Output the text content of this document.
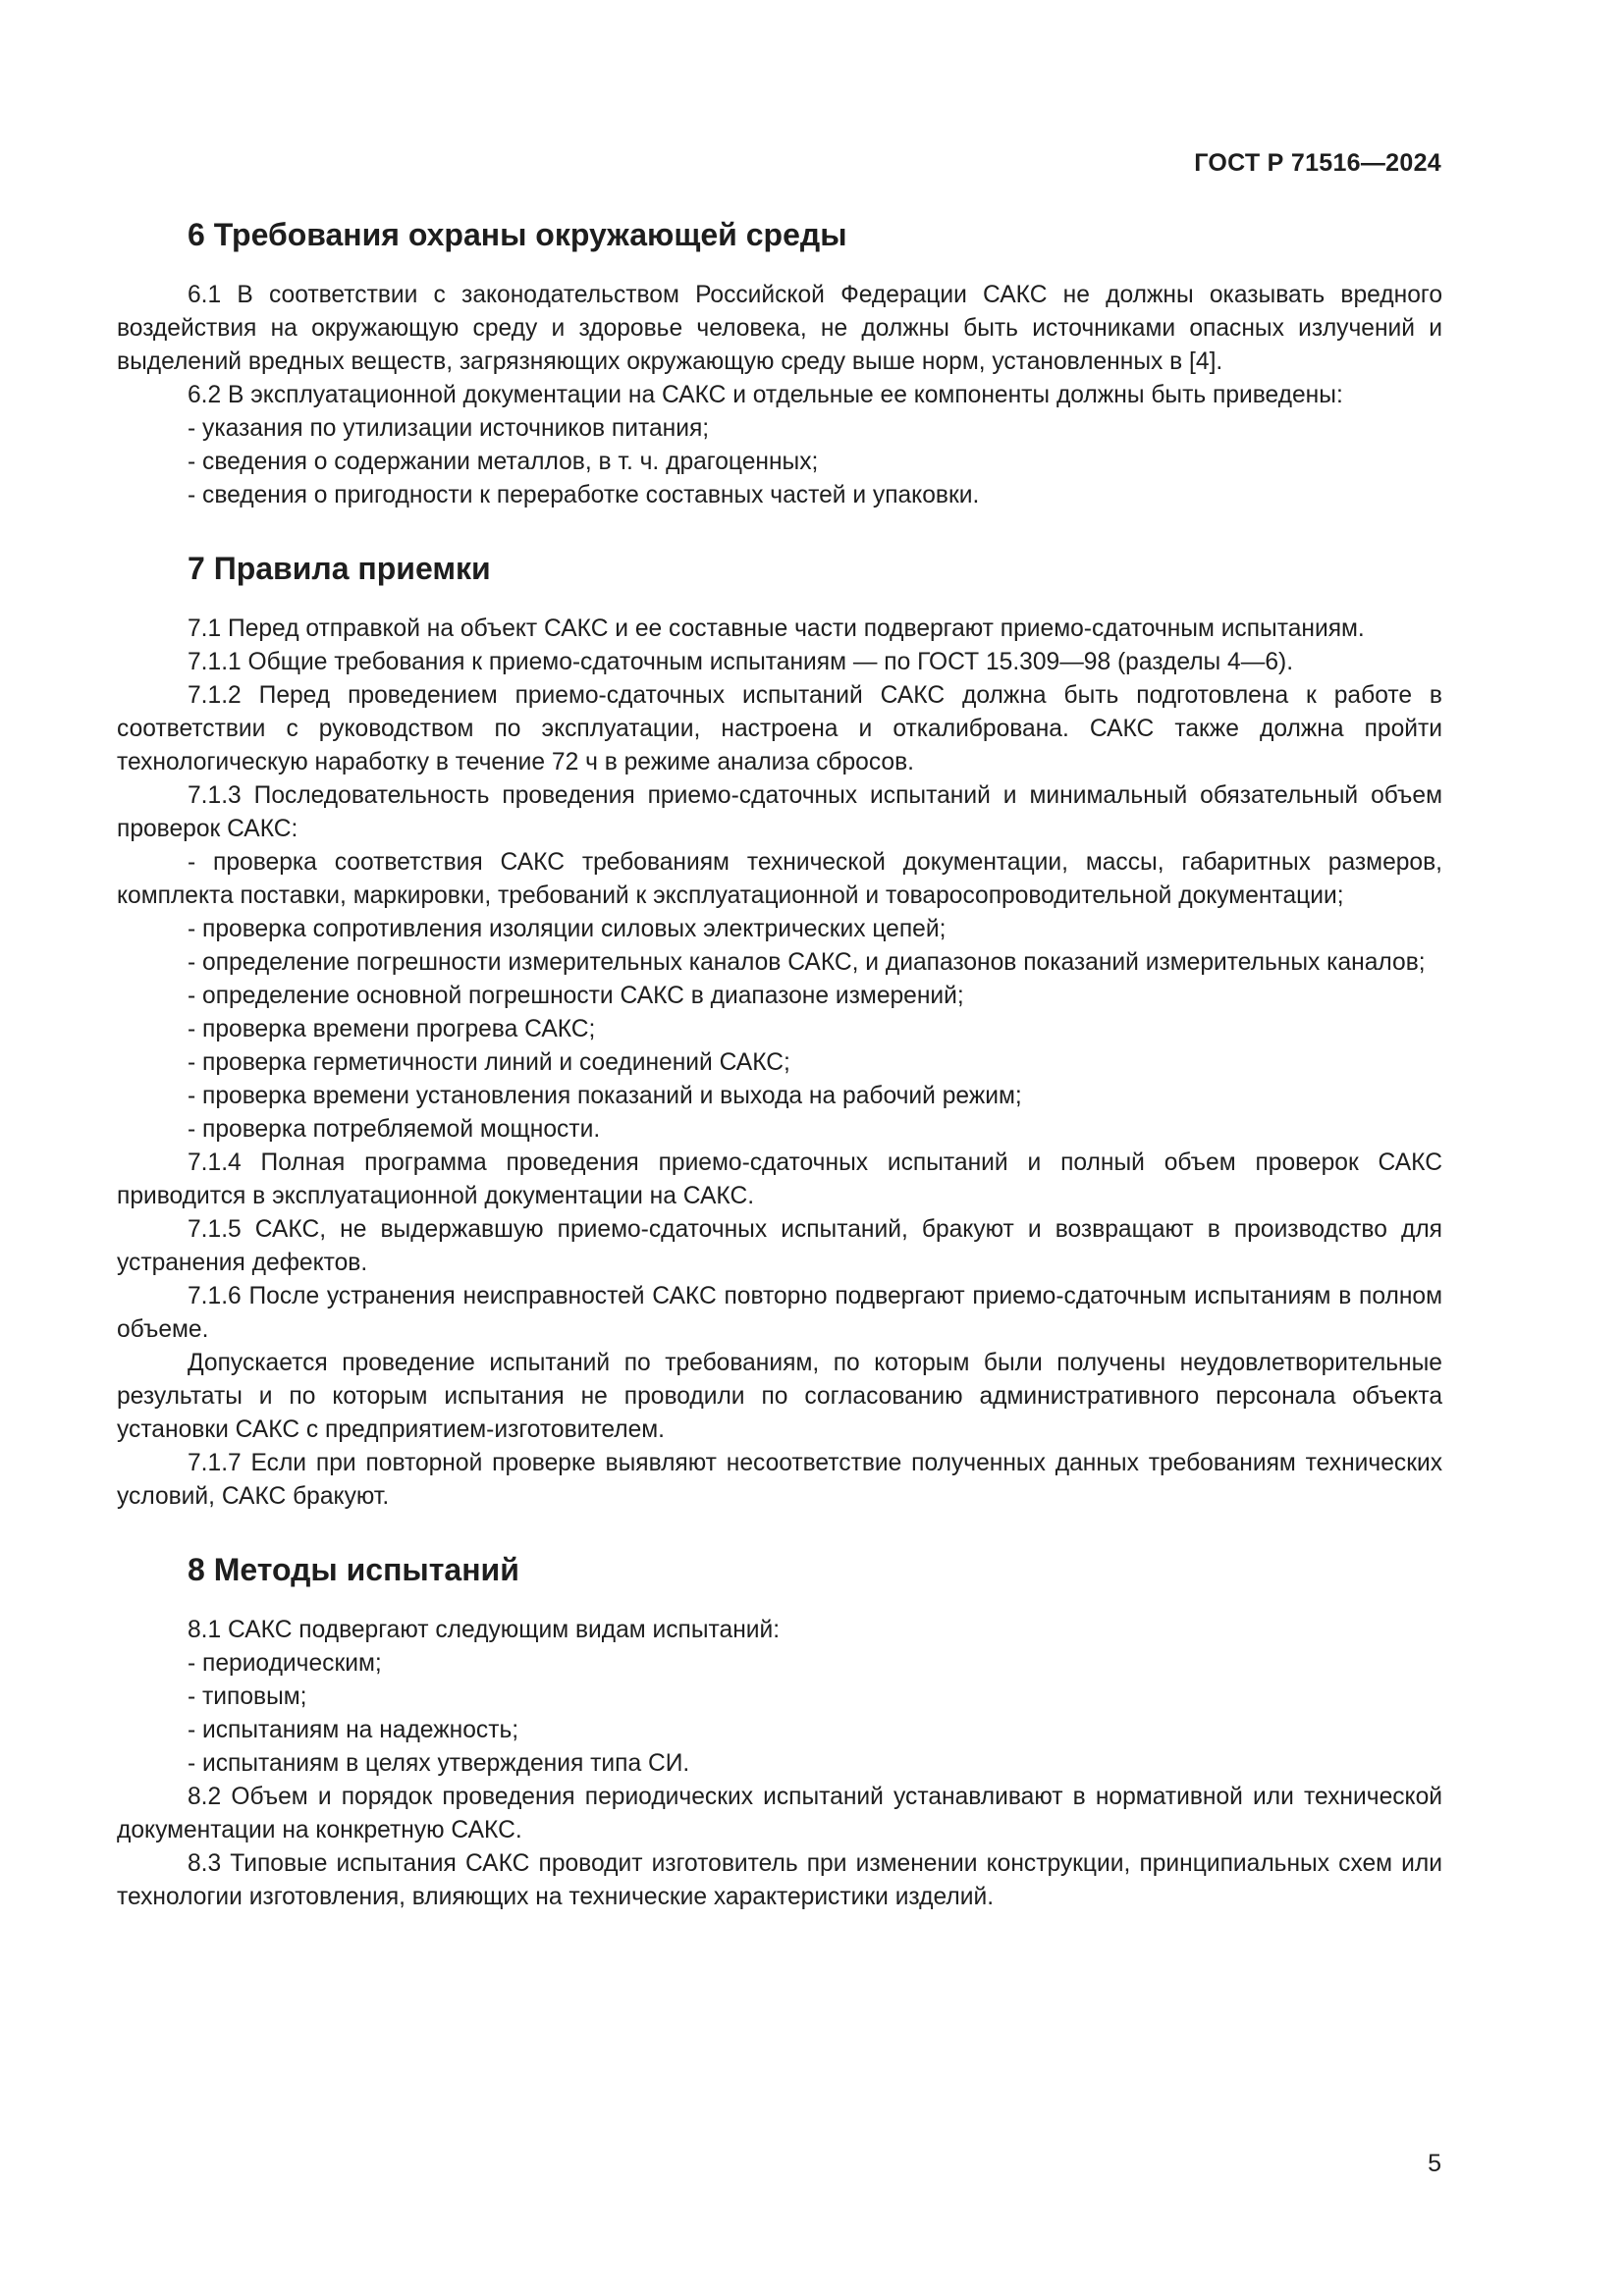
ГОСТ Р 71516—2024

6 Требования охраны окружающей среды

6.1 В соответствии с законодательством Российской Федерации САКС не должны оказывать вредного воздействия на окружающую среду и здоровье человека, не должны быть источниками опасных излучений и выделений вредных веществ, загрязняющих окружающую среду выше норм, установленных в [4].

6.2 В эксплуатационной документации на САКС и отдельные ее компоненты должны быть приведены:

- указания по утилизации источников питания;

- сведения о содержании металлов, в т. ч. драгоценных;

- сведения о пригодности к переработке составных частей и упаковки.

7 Правила приемки

7.1 Перед отправкой на объект САКС и ее составные части подвергают приемо-сдаточным испытаниям.

7.1.1 Общие требования к приемо-сдаточным испытаниям — по ГОСТ 15.309—98 (разделы 4—6).

7.1.2 Перед проведением приемо-сдаточных испытаний САКС должна быть подготовлена к работе в соответствии с руководством по эксплуатации, настроена и откалибрована. САКС также должна пройти технологическую наработку в течение 72 ч в режиме анализа сбросов.

7.1.3 Последовательность проведения приемо-сдаточных испытаний и минимальный обязательный объем проверок САКС:

- проверка соответствия САКС требованиям технической документации, массы, габаритных размеров, комплекта поставки, маркировки, требований к эксплуатационной и товаросопроводительной документации;

- проверка сопротивления изоляции силовых электрических цепей;

- определение погрешности измерительных каналов САКС, и диапазонов показаний измерительных каналов;

- определение основной погрешности САКС в диапазоне измерений;

- проверка времени прогрева САКС;

- проверка герметичности линий и соединений САКС;

- проверка времени установления показаний и выхода на рабочий режим;

- проверка потребляемой мощности.

7.1.4 Полная программа проведения приемо-сдаточных испытаний и полный объем проверок САКС приводится в эксплуатационной документации на САКС.

7.1.5 САКС, не выдержавшую приемо-сдаточных испытаний, бракуют и возвращают в производство для устранения дефектов.

7.1.6 После устранения неисправностей САКС повторно подвергают приемо-сдаточным испытаниям в полном объеме.

Допускается проведение испытаний по требованиям, по которым были получены неудовлетворительные результаты и по которым испытания не проводили по согласованию административного персонала объекта установки САКС с предприятием-изготовителем.

7.1.7 Если при повторной проверке выявляют несоответствие полученных данных требованиям технических условий, САКС бракуют.

8 Методы испытаний

8.1 САКС подвергают следующим видам испытаний:

- периодическим;

- типовым;

- испытаниям на надежность;

- испытаниям в целях утверждения типа СИ.

8.2 Объем и порядок проведения периодических испытаний устанавливают в нормативной или технической документации на конкретную САКС.

8.3 Типовые испытания САКС проводит изготовитель при изменении конструкции, принципиальных схем или технологии изготовления, влияющих на технические характеристики изделий.

5
